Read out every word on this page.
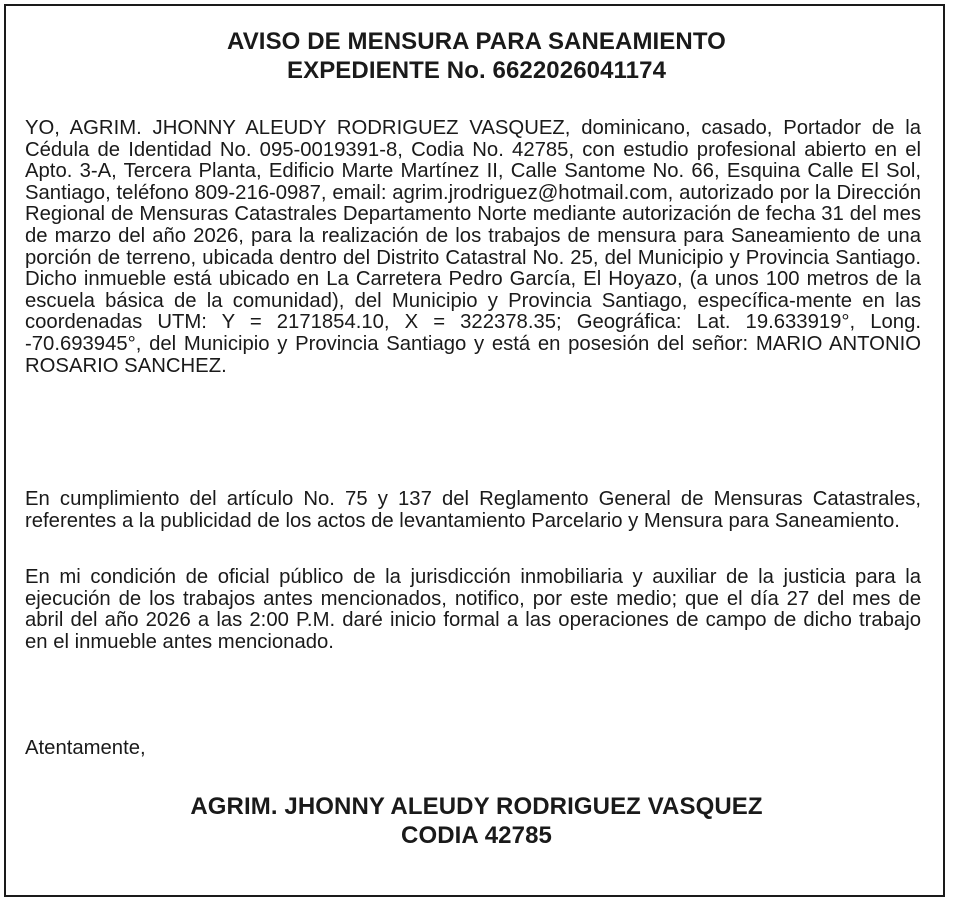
AVISO DE MENSURA PARA SANEAMIENTO
EXPEDIENTE No. 6622026041174

YO, AGRIM. JHONNY ALEUDY RODRIGUEZ VASQUEZ, dominicano, casado, Portador de la Cédula de Identidad No. 095-0019391-8, Codia No. 42785, con estudio profesional abierto en el Apto. 3-A, Tercera Planta, Edificio Marte Martínez II, Calle Santome No. 66, Esquina Calle El Sol, Santiago, teléfono 809-216-0987, email: agrim.jrodriguez@hotmail.com, autorizado por la Dirección Regional de Mensuras Catastrales Departamento Norte mediante autorización de fecha 31 del mes de marzo del año 2026, para la realización de los trabajos de mensura para Saneamiento de una porción de terreno, ubicada dentro del Distrito Catastral No. 25, del Municipio y Provincia Santiago. Dicho inmueble está ubicado en La Carretera Pedro García, El Hoyazo, (a unos 100 metros de la escuela básica de la comunidad), del Municipio y Provincia Santiago, específica-mente en las coordenadas UTM: Y = 2171854.10, X = 322378.35; Geográfica: Lat. 19.633919°, Long. -70.693945°, del Municipio y Provincia Santiago y está en posesión del señor: MARIO ANTONIO ROSARIO SANCHEZ.

En cumplimiento del artículo No. 75 y 137 del Reglamento General de Mensuras Catastrales, referentes a la publicidad de los actos de levantamiento Parcelario y Mensura para Saneamiento.

En mi condición de oficial público de la jurisdicción inmobiliaria y auxiliar de la justicia para la ejecución de los trabajos antes mencionados, notifico, por este medio; que el día 27 del mes de abril del año 2026 a las 2:00 P.M. daré inicio formal a las operaciones de campo de dicho trabajo en el inmueble antes mencionado.

Atentamente,
AGRIM. JHONNY ALEUDY RODRIGUEZ VASQUEZ
CODIA 42785
